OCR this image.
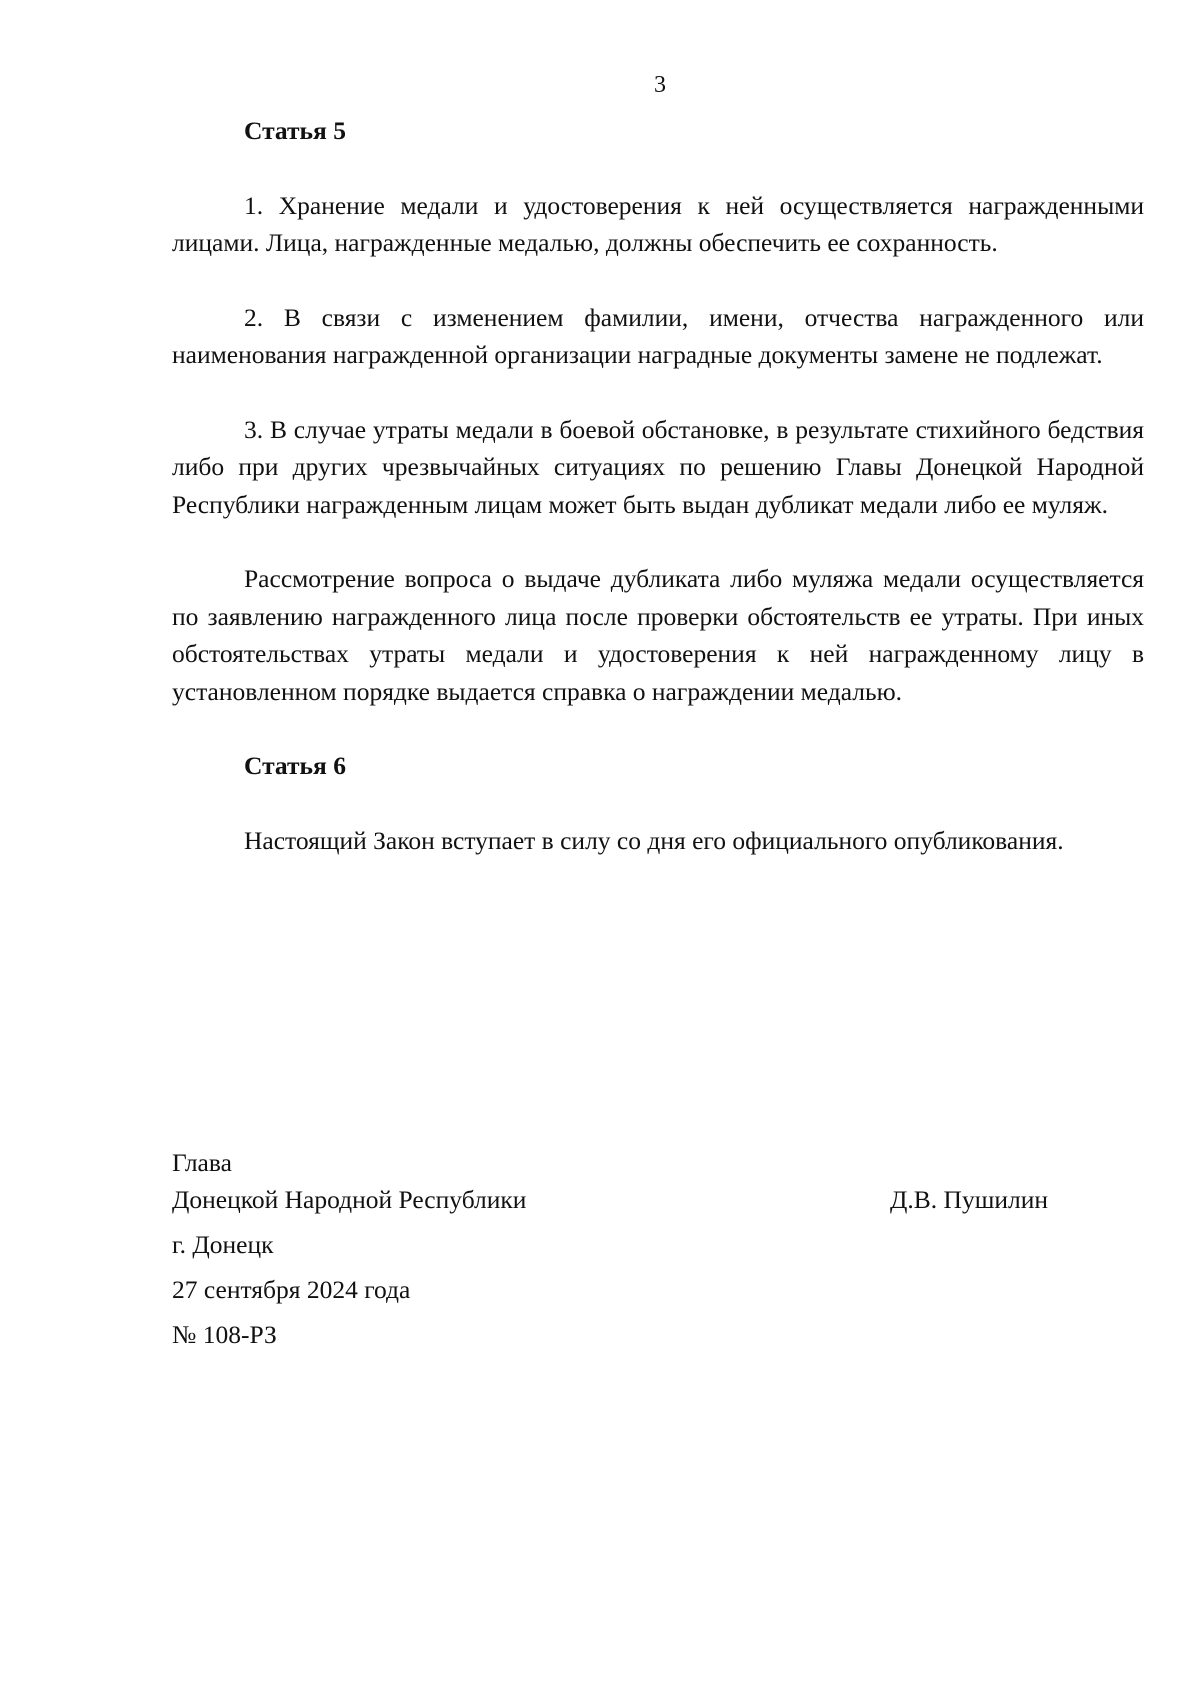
3

Статья 5

1. Хранение медали и удостоверения к ней осуществляется награжденными лицами. Лица, награжденные медалью, должны обеспечить ее сохранность.

2. В связи с изменением фамилии, имени, отчества награжденного или наименования награжденной организации наградные документы замене не подлежат.

3. В случае утраты медали в боевой обстановке, в результате стихийного бедствия либо при других чрезвычайных ситуациях по решению Главы Донецкой Народной Республики награжденным лицам может быть выдан дубликат медали либо ее муляж.

Рассмотрение вопроса о выдаче дубликата либо муляжа медали осуществляется по заявлению награжденного лица после проверки обстоятельств ее утраты. При иных обстоятельствах утраты медали и удостоверения к ней награжденному лицу в установленном порядке выдается справка о награждении медалью.

Статья 6

Настоящий Закон вступает в силу со дня его официального опубликования.

Глава

Донецкой Народной Республики	Д.В. Пушилин

г. Донецк

27 сентября 2024 года

№ 108-РЗ
